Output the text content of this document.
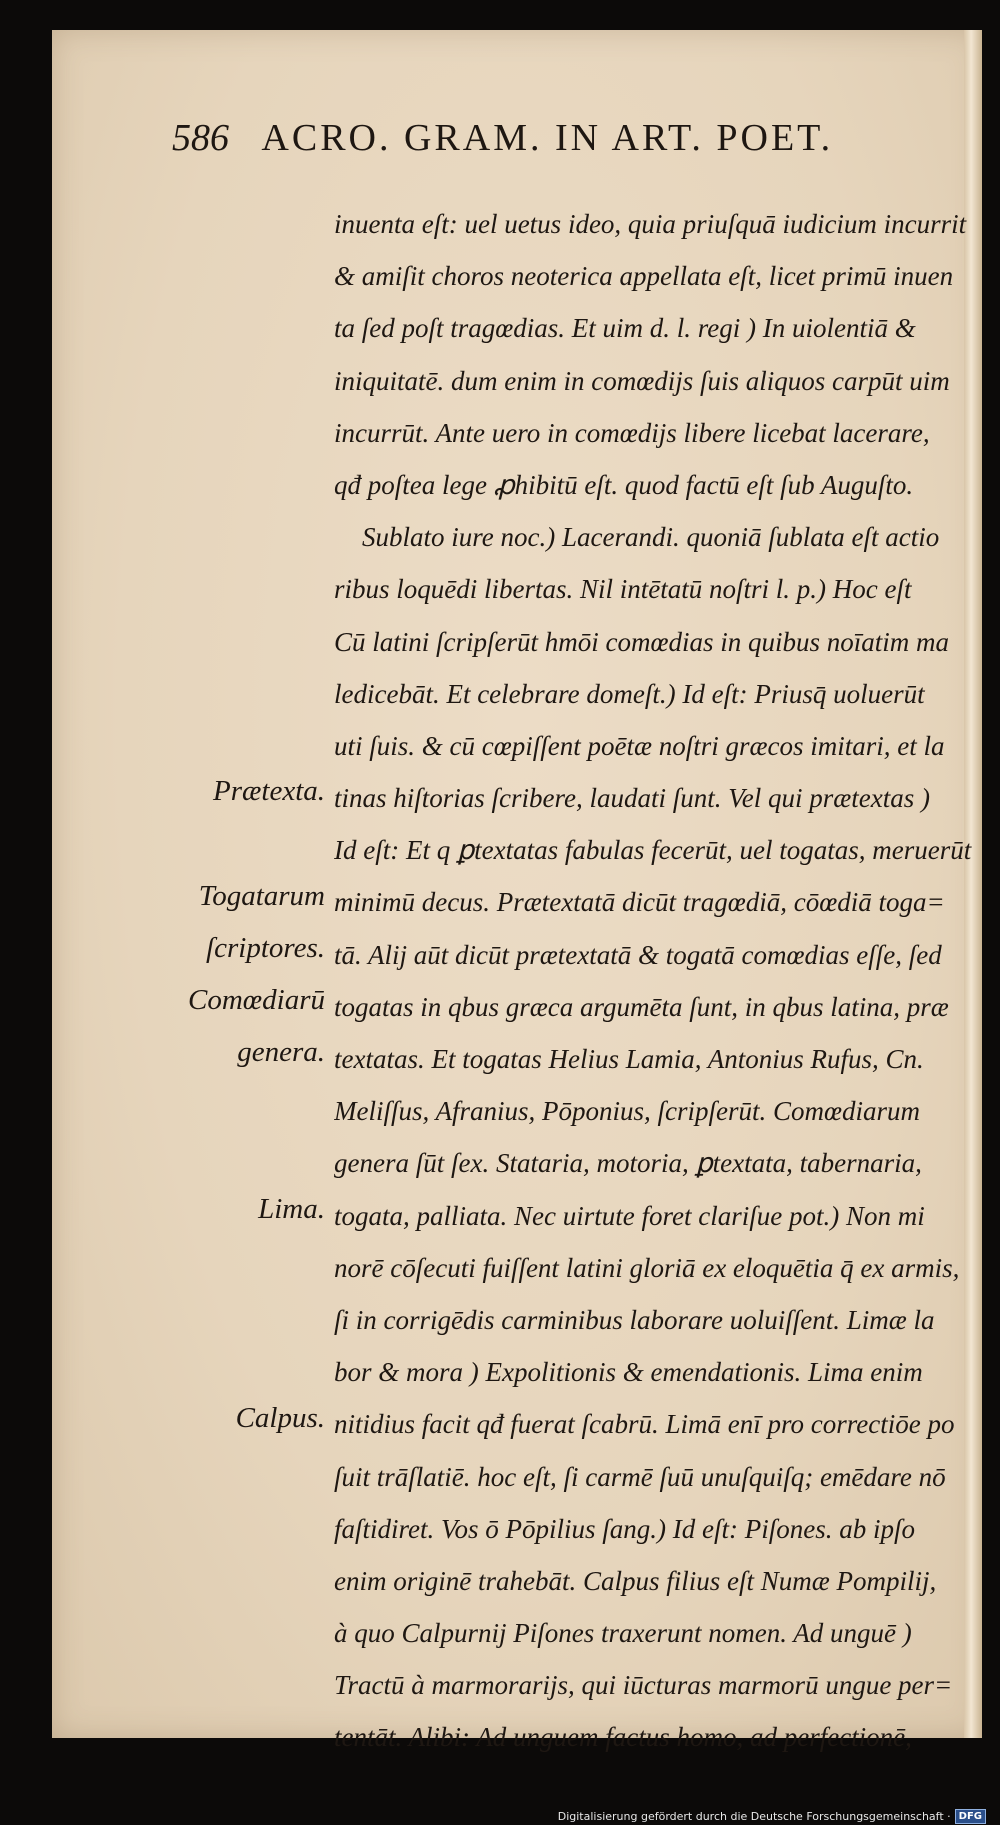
586 ACRO. GRAM. IN ART. POET.
Prætexta.
Togatarum
ſcriptores.
Comœdiarū
genera.
Lima.
Calpus.
inuenta eſt: uel uetus ideo, quia priuſquā iudicium incurrit
& amiſit choros neoterica appellata eſt, licet primū inuen
ta ſed poſt tragœdias. Et uim d. l. regi ) In uiolentiā &
iniquitatē. dum enim in comœdijs ſuis aliquos carpūt uim
incurrūt. Ante uero in comœdijs libere licebat lacerare,
qđ poſtea lege ꝓhibitū eſt. quod factū eſt ſub Auguſto.
Sublato iure noc.) Lacerandi. quoniā ſublata eſt actio
ribus loquēdi libertas. Nil intētatū noſtri l. p.) Hoc eſt
Cū latini ſcripſerūt hmōi comœdias in quibus noīatim ma
ledicebāt. Et celebrare domeſt.) Id eſt: Priusq̄ uoluerūt
uti ſuis. & cū cœpiſſent poētæ noſtri græcos imitari, et la
tinas hiſtorias ſcribere, laudati ſunt. Vel qui prætextas )
Id eſt: Et q ꝑtextatas fabulas fecerūt, uel togatas, meruerūt
minimū decus. Prætextatā dicūt tragœdiā, cōœdiā toga=
tā. Alij aūt dicūt prætextatā & togatā comœdias eſſe, ſed
togatas in qbus græca argumēta ſunt, in qbus latina, præ
textatas. Et togatas Helius Lamia, Antonius Rufus, Cn.
Meliſſus, Afranius, Pōponius, ſcripſerūt. Comœdiarum
genera ſūt ſex. Stataria, motoria, ꝑtextata, tabernaria,
togata, palliata. Nec uirtute foret clariſue pot.) Non mi
norē cōſecuti fuiſſent latini gloriā ex eloquētia q̄ ex armis,
ſi in corrigēdis carminibus laborare uoluiſſent. Limæ la
bor & mora ) Expolitionis & emendationis. Lima enim
nitidius facit qđ fuerat ſcabrū. Limā enī pro correctiōe po
ſuit trāſlatiē. hoc eſt, ſi carmē ſuū unuſquiſq; emēdare nō
faſtidiret. Vos ō Pōpilius ſang.) Id eſt: Piſones. ab ipſo
enim originē trahebāt. Calpus filius eſt Numæ Pompilij,
à quo Calpurnij Piſones traxerunt nomen. Ad unguē )
Tractū à marmorarijs, qui iūcturas marmorū ungue per=
tentāt. Alibi: Ad unguem factus homo, ad perfectionē,
Digitalisierung gefördert durch die Deutsche Forschungsgemeinschaft · DFG
